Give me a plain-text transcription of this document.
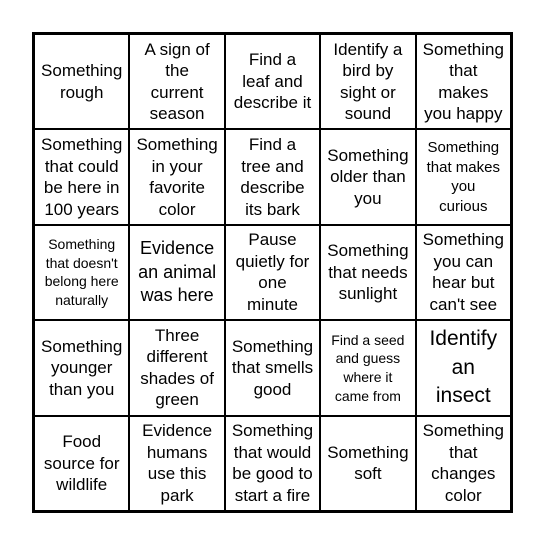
Something
rough
A sign of
the
current
season
Find a
leaf and
describe it
Identify a
bird by
sight or
sound
Something
that
makes
you happy
Something
that could
be here in
100 years
Something
in your
favorite
color
Find a
tree and
describe
its bark
Something
older than
you
Something
that makes
you
curious
Something
that doesn't
belong here
naturally
Evidence
an animal
was here
Pause
quietly for
one
minute
Something
that needs
sunlight
Something
you can
hear but
can't see
Something
younger
than you
Three
different
shades of
green
Something
that smells
good
Find a seed
and guess
where it
came from
Identify
an
insect
Food
source for
wildlife
Evidence
humans
use this
park
Something
that would
be good to
start a fire
Something
soft
Something
that
changes
color
